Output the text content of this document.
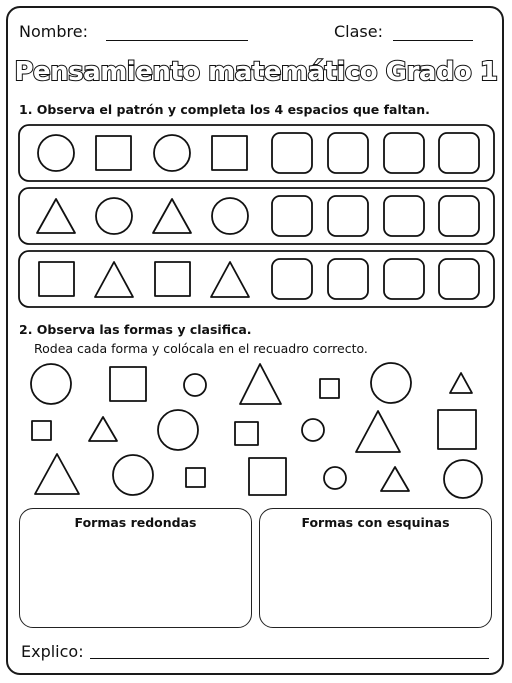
Nombre:	Clase:
Pensamiento matemático Grado 1
1. Observa el patrón y completa los 4 espacios que faltan.
2. Observa las formas y clasifica.
Rodea cada forma y colócala en el recuadro correcto.
Formas redondas	Formas con esquinas
Explico:
